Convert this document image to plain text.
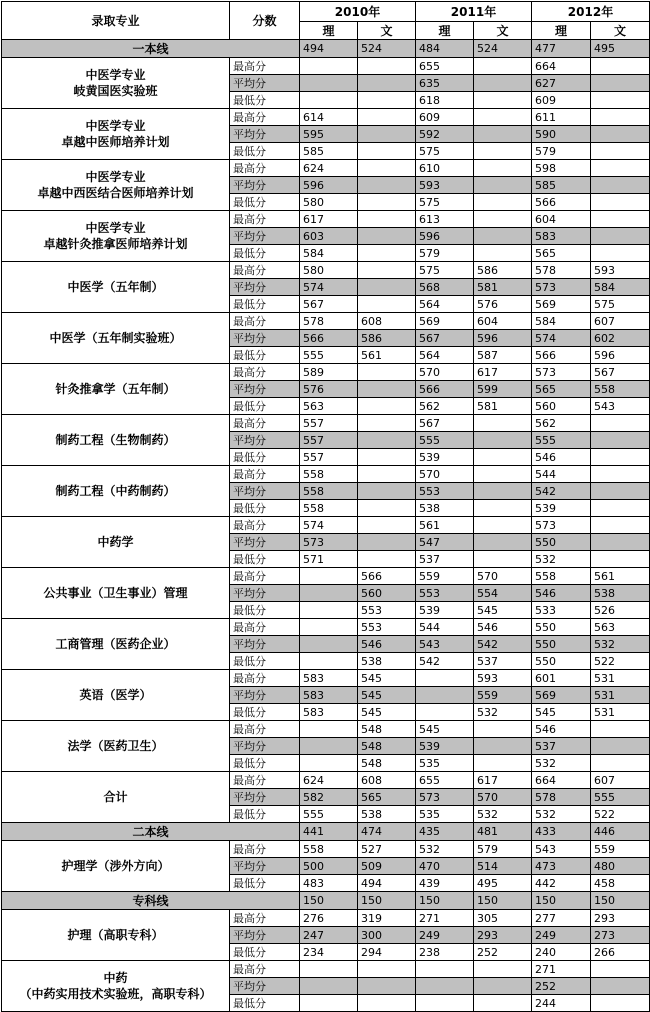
录取专业	分数	2010年		2011年		2012年	
		理	文	理	文	理	文
一本线		494	524	484	524	477	495
中医学专业
岐黄国医实验班	最高分			655		664	
	平均分			635		627	
	最低分			618		609	
中医学专业
卓越中医师培养计划	最高分	614		609		611	
	平均分	595		592		590	
	最低分	585		575		579	
中医学专业
卓越中西医结合医师培养计划	最高分	624		610		598	
	平均分	596		593		585	
	最低分	580		575		566	
中医学专业
卓越针灸推拿医师培养计划	最高分	617		613		604	
	平均分	603		596		583	
	最低分	584		579		565	
中医学（五年制）	最高分	580		575	586	578	593
	平均分	574		568	581	573	584
	最低分	567		564	576	569	575
中医学（五年制实验班）	最高分	578	608	569	604	584	607
	平均分	566	586	567	596	574	602
	最低分	555	561	564	587	566	596
针灸推拿学（五年制）	最高分	589		570	617	573	567
	平均分	576		566	599	565	558
	最低分	563		562	581	560	543
制药工程（生物制药）	最高分	557		567		562	
	平均分	557		555		555	
	最低分	557		539		546	
制药工程（中药制药）	最高分	558		570		544	
	平均分	558		553		542	
	最低分	558		538		539	
中药学	最高分	574		561		573	
	平均分	573		547		550	
	最低分	571		537		532	
公共事业（卫生事业）管理	最高分		566	559	570	558	561
	平均分		560	553	554	546	538
	最低分		553	539	545	533	526
工商管理（医药企业）	最高分		553	544	546	550	563
	平均分		546	543	542	550	532
	最低分		538	542	537	550	522
英语（医学）	最高分	583	545		593	601	531
	平均分	583	545		559	569	531
	最低分	583	545		532	545	531
法学（医药卫生）	最高分		548	545		546	
	平均分		548	539		537	
	最低分		548	535		532	
合计	最高分	624	608	655	617	664	607
	平均分	582	565	573	570	578	555
	最低分	555	538	535	532	532	522
二本线		441	474	435	481	433	446
护理学（涉外方向）	最高分	558	527	532	579	543	559
	平均分	500	509	470	514	473	480
	最低分	483	494	439	495	442	458
专科线		150	150	150	150	150	150
护理（高职专科）	最高分	276	319	271	305	277	293
	平均分	247	300	249	293	249	273
	最低分	234	294	238	252	240	266
中药
（中药实用技术实验班，高职专科）	最高分					271	
	平均分					252	
	最低分					244	
